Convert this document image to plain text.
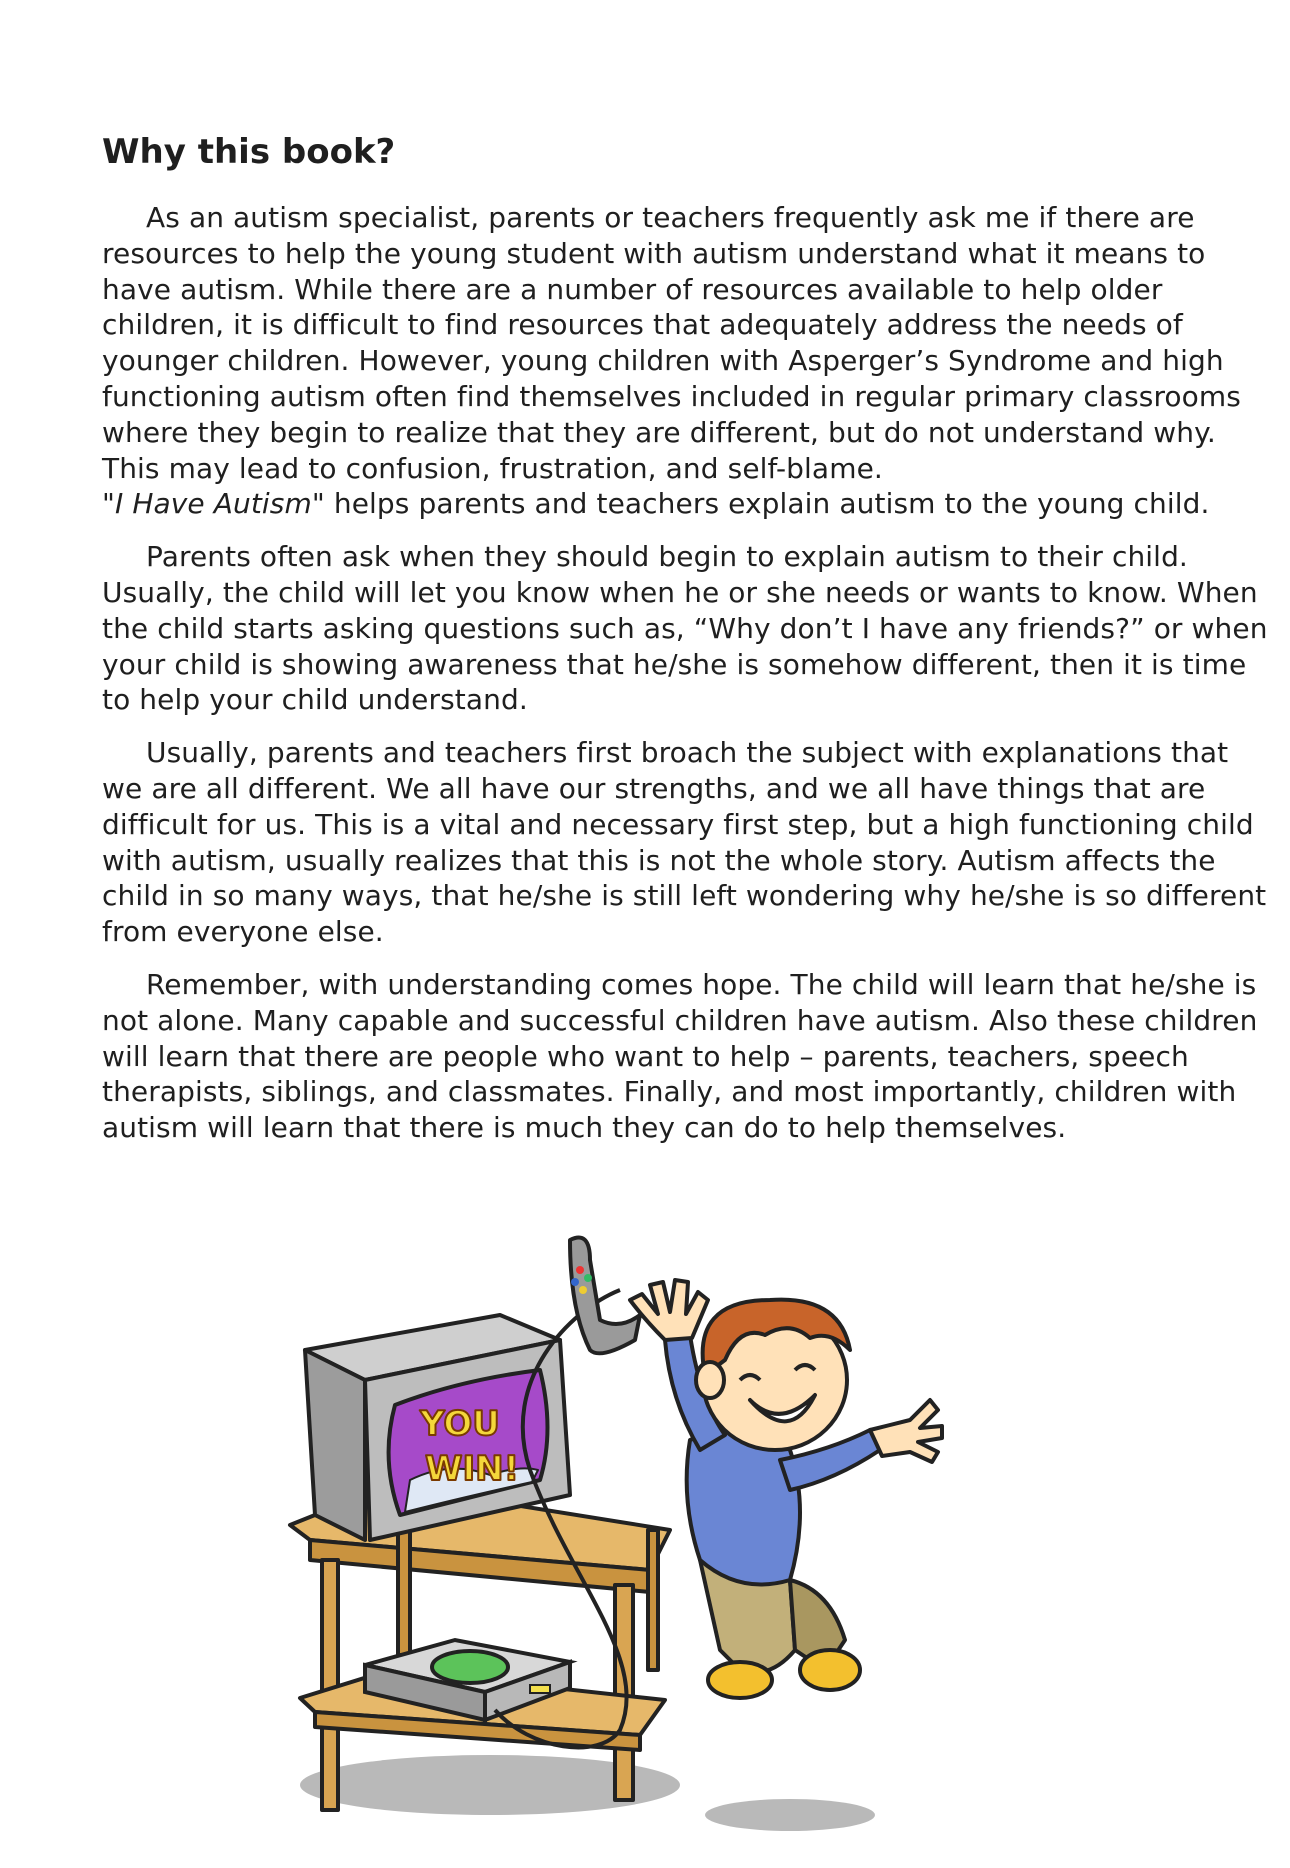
Why this book?

As an autism specialist, parents or teachers frequently ask me if there are resources to help the young student with autism understand what it means to have autism. While there are a number of resources available to help older children, it is difficult to find resources that adequately address the needs of younger children. However, young children with Asperger’s Syndrome and high functioning autism often find themselves included in regular primary classrooms where they begin to realize that they are different, but do not understand why. This may lead to confusion, frustration, and self-blame.
"I Have Autism" helps parents and teachers explain autism to the young child.

Parents often ask when they should begin to explain autism to their child. Usually, the child will let you know when he or she needs or wants to know. When the child starts asking questions such as, “Why don’t I have any friends?” or when your child is showing awareness that he/she is somehow different, then it is time to help your child understand.

Usually, parents and teachers first broach the subject with explanations that we are all different. We all have our strengths, and we all have things that are difficult for us. This is a vital and necessary first step, but a high functioning child with autism, usually realizes that this is not the whole story. Autism affects the child in so many ways, that he/she is still left wondering why he/she is so different from everyone else.

Remember, with understanding comes hope. The child will learn that he/she is not alone. Many capable and successful children have autism. Also these children will learn that there are people who want to help – parents, teachers, speech therapists, siblings, and classmates. Finally, and most importantly, children with autism will learn that there is much they can do to help themselves.

YOU
WIN!
